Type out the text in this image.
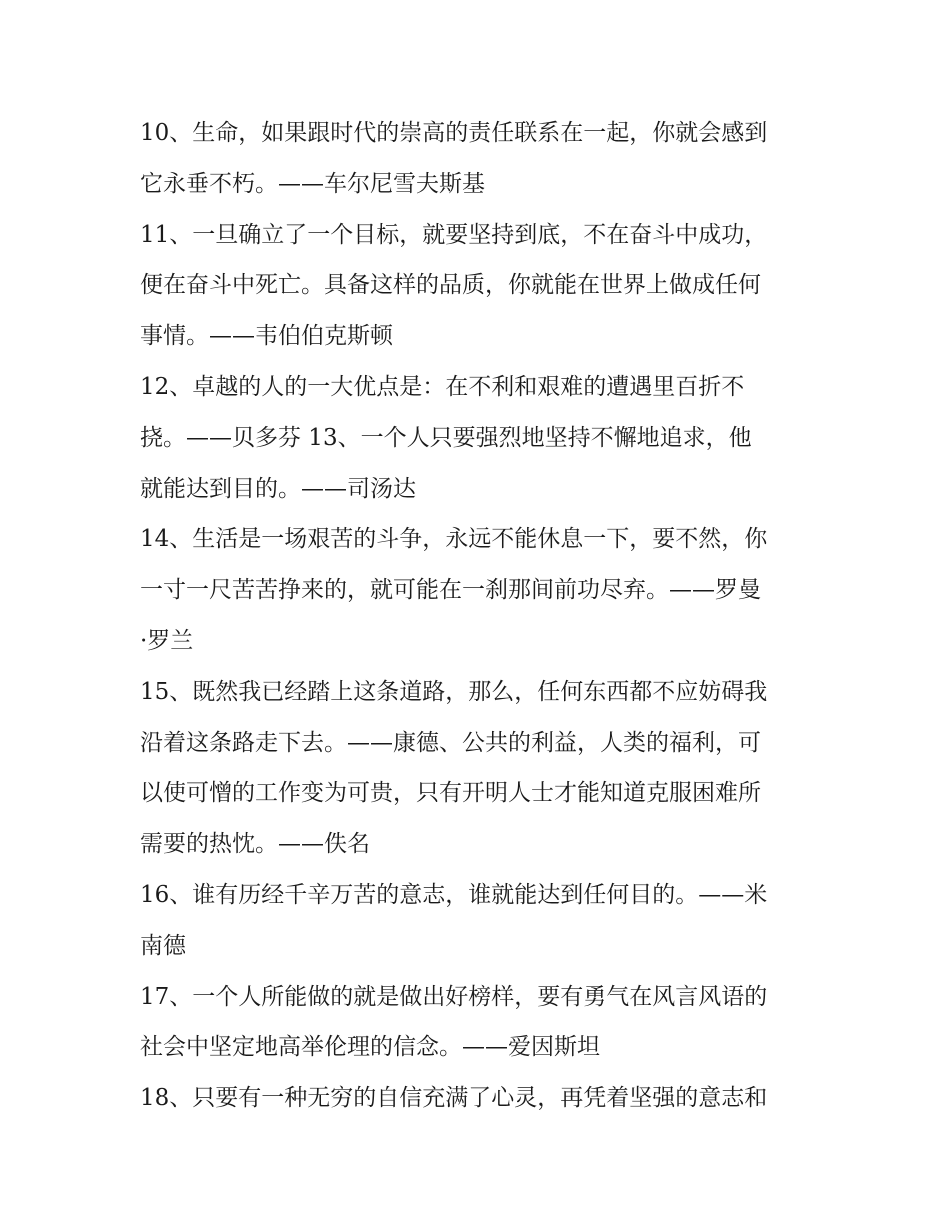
10、生命，如果跟时代的崇高的责任联系在一起，你就会感到
它永垂不朽。——车尔尼雪夫斯基
11、一旦确立了一个目标，就要坚持到底，不在奋斗中成功，
便在奋斗中死亡。具备这样的品质，你就能在世界上做成任何
事情。——韦伯伯克斯顿
12、卓越的人的一大优点是：在不利和艰难的遭遇里百折不
挠。——贝多芬 13、一个人只要强烈地坚持不懈地追求，他
就能达到目的。——司汤达
14、生活是一场艰苦的斗争，永远不能休息一下，要不然，你
一寸一尺苦苦挣来的，就可能在一刹那间前功尽弃。——罗曼
·罗兰
15、既然我已经踏上这条道路，那么，任何东西都不应妨碍我
沿着这条路走下去。——康德、公共的利益，人类的福利，可
以使可憎的工作变为可贵，只有开明人士才能知道克服困难所
需要的热忱。——佚名
16、谁有历经千辛万苦的意志，谁就能达到任何目的。——米
南德
17、一个人所能做的就是做出好榜样，要有勇气在风言风语的
社会中坚定地高举伦理的信念。——爱因斯坦
18、只要有一种无穷的自信充满了心灵，再凭着坚强的意志和
